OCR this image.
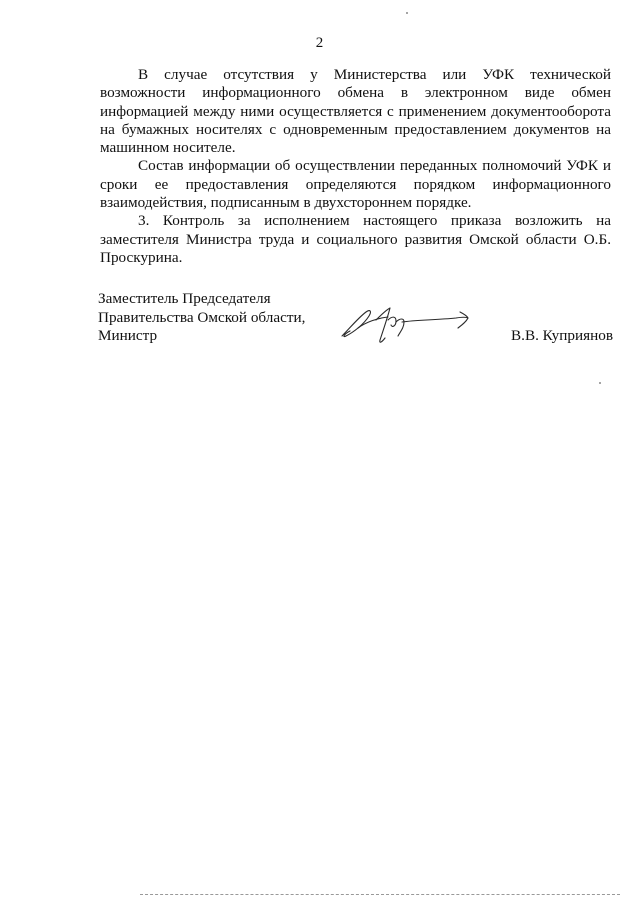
2

В случае отсутствия у Министерства или УФК технической возможности информационного обмена в электронном виде обмен информацией между ними осуществляется с применением документооборота на бумажных носителях с одновременным предоставлением документов на машинном носителе.

Состав информации об осуществлении переданных полномочий УФК и сроки ее предоставления определяются порядком информационного взаимодействия, подписанным в двухстороннем порядке.

3. Контроль за исполнением настоящего приказа возложить на заместителя Министра труда и социального развития Омской области О.Б. Проскурина.

Заместитель Председателя
Правительства Омской области,
Министр	В.В. Куприянов
